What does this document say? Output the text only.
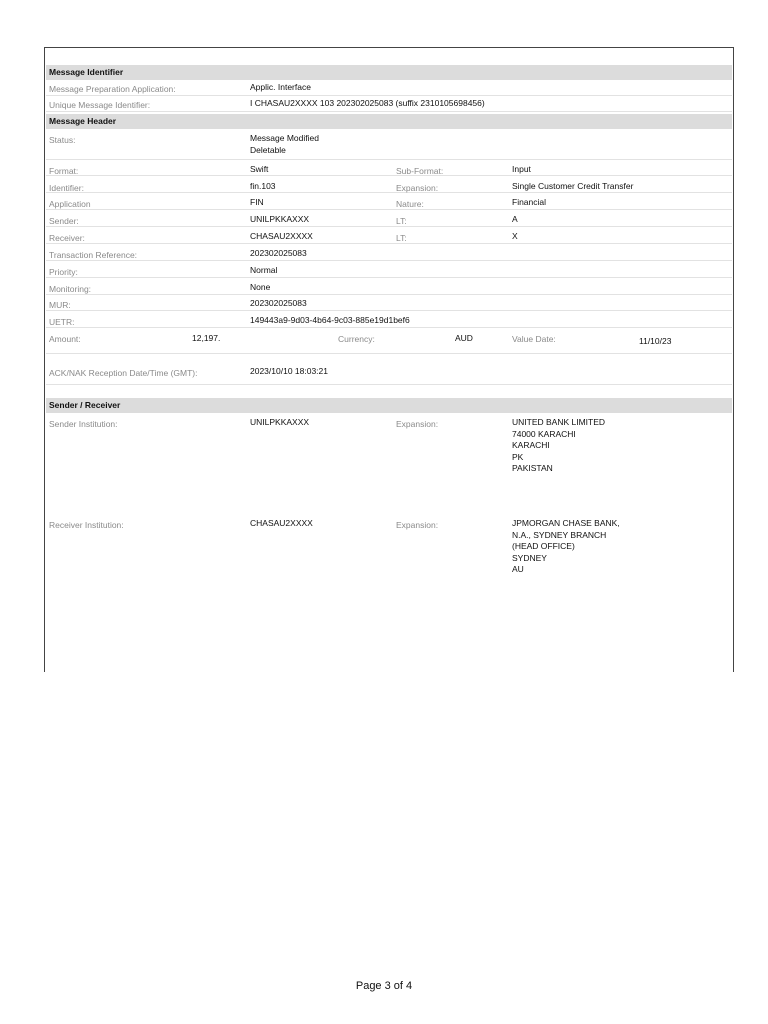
Message Identifier
Message Preparation Application:	Applic. Interface
Unique Message Identifier:	I CHASAU2XXXX 103 202302025083 (suffix 2310105698456)
Message Header
Status:	Message Modified
Deletable
Format:	Swift	Sub-Format:	Input
Identifier:	fin.103	Expansion:	Single Customer Credit Transfer
Application	FIN	Nature:	Financial
Sender:	UNILPKKAXXX	LT:	A
Receiver:	CHASAU2XXXX	LT:	X
Transaction Reference:	202302025083
Priority:	Normal
Monitoring:	None
MUR:	202302025083
UETR:	149443a9-9d03-4b64-9c03-885e19d1bef6
Amount:	12,197.	Currency:	AUD	Value Date:	11/10/23
ACK/NAK Reception Date/Time (GMT):	2023/10/10 18:03:21
Sender / Receiver
Sender Institution:	UNILPKKAXXX	Expansion:	UNITED BANK LIMITED
74000 KARACHI
KARACHI
PK
PAKISTAN
Receiver Institution:	CHASAU2XXXX	Expansion:	JPMORGAN CHASE BANK,
N.A., SYDNEY BRANCH
(HEAD OFFICE)
SYDNEY
AU
Page 3 of 4
